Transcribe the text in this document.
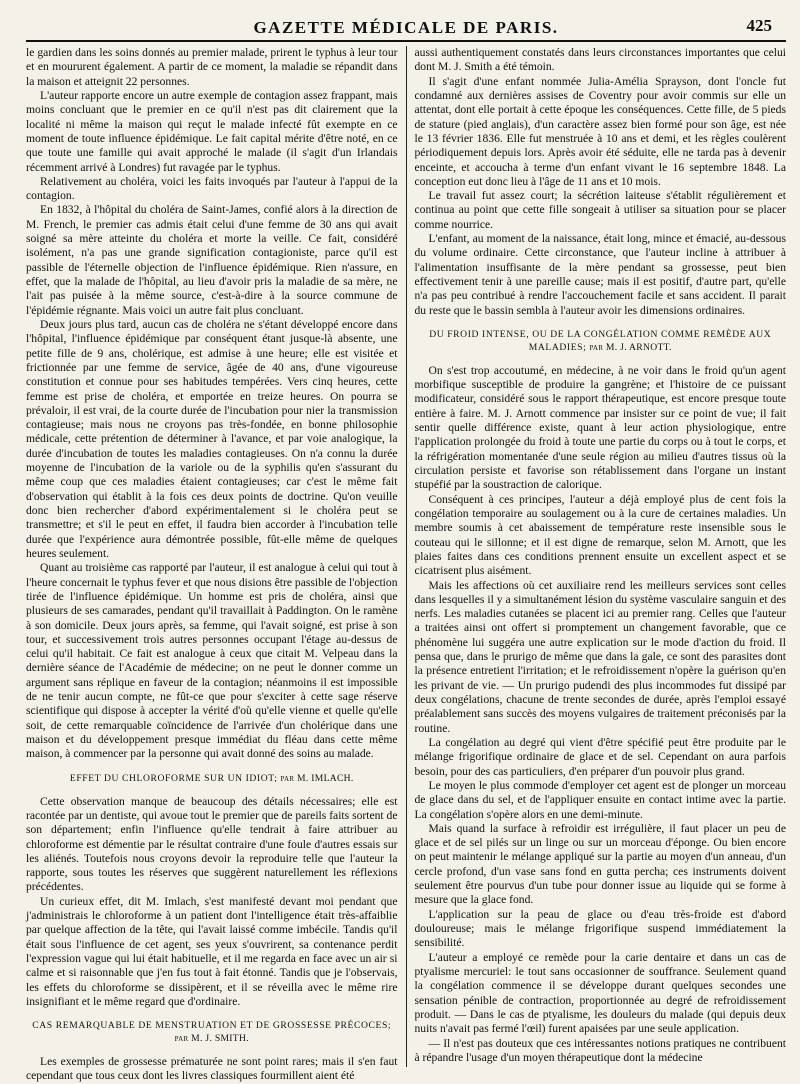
GAZETTE MÉDICALE DE PARIS.	425

le gardien dans les soins donnés au premier malade, prirent le typhus à leur tour et en moururent également. A partir de ce moment, la maladie se répandit dans la maison et atteignit 22 personnes.

L'auteur rapporte encore un autre exemple de contagion assez frappant, mais moins concluant que le premier en ce qu'il n'est pas dit clairement que la localité ni même la maison qui reçut le malade infecté fût exempte en ce moment de toute influence épidémique. Le fait capital mérite d'être noté, en ce que toute une famille qui avait approché le malade (il s'agit d'un Irlandais récemment arrivé à Londres) fut ravagée par le typhus.

Relativement au choléra, voici les faits invoqués par l'auteur à l'appui de la contagion.

En 1832, à l'hôpital du choléra de Saint-James, confié alors à la direction de M. French, le premier cas admis était celui d'une femme de 30 ans qui avait soigné sa mère atteinte du choléra et morte la veille. Ce fait, considéré isolément, n'a pas une grande signification contagioniste, parce qu'il est passible de l'éternelle objection de l'influence épidémique. Rien n'assure, en effet, que la malade de l'hôpital, au lieu d'avoir pris la maladie de sa mère, ne l'ait pas puisée à la même source, c'est-à-dire à la source commune de l'épidémie régnante. Mais voici un autre fait plus concluant.

Deux jours plus tard, aucun cas de choléra ne s'étant développé encore dans l'hôpital, l'influence épidémique par conséquent étant jusque-là absente, une petite fille de 9 ans, cholérique, est admise à une heure; elle est visitée et frictionnée par une femme de service, âgée de 40 ans, d'une vigoureuse constitution et connue pour ses habitudes tempérées. Vers cinq heures, cette femme est prise de choléra, et emportée en treize heures. On pourra se prévaloir, il est vrai, de la courte durée de l'incubation pour nier la transmission contagieuse; mais nous ne croyons pas très-fondée, en bonne philosophie médicale, cette prétention de déterminer à l'avance, et par voie analogique, la durée d'incubation de toutes les maladies contagieuses. On n'a connu la durée moyenne de l'incubation de la variole ou de la syphilis qu'en s'assurant du même coup que ces maladies étaient contagieuses; car c'est le même fait d'observation qui établit à la fois ces deux points de doctrine. Qu'on veuille donc bien rechercher d'abord expérimentalement si le choléra peut se transmettre; et s'il le peut en effet, il faudra bien accorder à l'incubation telle durée que l'expérience aura démontrée possible, fût-elle même de quelques heures seulement.

Quant au troisième cas rapporté par l'auteur, il est analogue à celui qui tout à l'heure concernait le typhus fever et que nous disions être passible de l'objection tirée de l'influence épidémique. Un homme est pris de choléra, ainsi que plusieurs de ses camarades, pendant qu'il travaillait à Paddington. On le ramène à son domicile. Deux jours après, sa femme, qui l'avait soigné, est prise à son tour, et successivement trois autres personnes occupant l'étage au-dessus de celui qu'il habitait. Ce fait est analogue à ceux que citait M. Velpeau dans la dernière séance de l'Académie de médecine; on ne peut le donner comme un argument sans réplique en faveur de la contagion; néanmoins il est impossible de ne tenir aucun compte, ne fût-ce que pour s'exciter à cette sage réserve scientifique qui dispose à accepter la vérité d'où qu'elle vienne et quelle qu'elle soit, de cette remarquable coïncidence de l'arrivée d'un cholérique dans une maison et du développement presque immédiat du fléau dans cette même maison, à commencer par la personne qui avait donné des soins au malade.

EFFET DU CHLOROFORME SUR UN IDIOT; par M. IMLACH.

Cette observation manque de beaucoup des détails nécessaires; elle est racontée par un dentiste, qui avoue tout le premier que de pareils faits sortent de son département; enfin l'influence qu'elle tendrait à faire attribuer au chloroforme est démentie par le résultat contraire d'une foule d'autres essais sur les aliénés. Toutefois nous croyons devoir la reproduire telle que l'auteur la rapporte, sous toutes les réserves que suggèrent naturellement les réflexions précédentes.

Un curieux effet, dit M. Imlach, s'est manifesté devant moi pendant que j'administrais le chloroforme à un patient dont l'intelligence était très-affaiblie par quelque affection de la tête, qui l'avait laissé comme imbécile. Tandis qu'il était sous l'influence de cet agent, ses yeux s'ouvrirent, sa contenance perdit l'expression vague qui lui était habituelle, et il me regarda en face avec un air si calme et si raisonnable que j'en fus tout à fait étonné. Tandis que je l'observais, les effets du chloroforme se dissipèrent, et il se réveilla avec le même rire insignifiant et le même regard que d'ordinaire.

CAS REMARQUABLE DE MENSTRUATION ET DE GROSSESSE PRÉCOCES;
par M. J. SMITH.

Les exemples de grossesse prématurée ne sont point rares; mais il s'en faut cependant que tous ceux dont les livres classiques fourmillent aient été

aussi authentiquement constatés dans leurs circonstances importantes que celui dont M. J. Smith a été témoin.

Il s'agit d'une enfant nommée Julia-Amélia Sprayson, dont l'oncle fut condamné aux dernières assises de Coventry pour avoir commis sur elle un attentat, dont elle portait à cette époque les conséquences. Cette fille, de 5 pieds de stature (pied anglais), d'un caractère assez bien formé pour son âge, est née le 13 février 1836. Elle fut menstruée à 10 ans et demi, et les règles coulèrent périodiquement depuis lors. Après avoir été séduite, elle ne tarda pas à devenir enceinte, et accoucha à terme d'un enfant vivant le 16 septembre 1848. La conception eut donc lieu à l'âge de 11 ans et 10 mois.

Le travail fut assez court; la sécrétion laiteuse s'établit régulièrement et continua au point que cette fille songeait à utiliser sa situation pour se placer comme nourrice.

L'enfant, au moment de la naissance, était long, mince et émacié, au-dessous du volume ordinaire. Cette circonstance, que l'auteur incline à attribuer à l'alimentation insuffisante de la mère pendant sa grossesse, peut bien effectivement tenir à une pareille cause; mais il est positif, d'autre part, qu'elle n'a pas peu contribué à rendre l'accouchement facile et sans accident. Il parait du reste que le bassin sembla à l'auteur avoir les dimensions ordinaires.

DU FROID INTENSE, OU DE LA CONGÉLATION COMME REMÈDE AUX MALADIES; par M. J. ARNOTT.

On s'est trop accoutumé, en médecine, à ne voir dans le froid qu'un agent morbifique susceptible de produire la gangrène; et l'histoire de ce puissant modificateur, considéré sous le rapport thérapeutique, est encore presque toute entière à faire. M. J. Arnott commence par insister sur ce point de vue; il fait sentir quelle différence existe, quant à leur action physiologique, entre l'application prolongée du froid à toute une partie du corps ou à tout le corps, et la réfrigération momentanée d'une seule région au milieu d'autres tissus où la circulation persiste et favorise son rétablissement dans l'organe un instant stupéfié par la soustraction de calorique.

Conséquent à ces principes, l'auteur a déjà employé plus de cent fois la congélation temporaire au soulagement ou à la cure de certaines maladies. Un membre soumis à cet abaissement de température reste insensible sous le couteau qui le sillonne; et il est digne de remarque, selon M. Arnott, que les plaies faites dans ces conditions prennent ensuite un excellent aspect et se cicatrisent plus aisément.

Mais les affections où cet auxiliaire rend les meilleurs services sont celles dans lesquelles il y a simultanément lésion du système vasculaire sanguin et des nerfs. Les maladies cutanées se placent ici au premier rang. Celles que l'auteur a traitées ainsi ont offert si promptement un changement favorable, que ce phénomène lui suggéra une autre explication sur le mode d'action du froid. Il pensa que, dans le prurigo de même que dans la gale, ce sont des parasites dont la présence entretient l'irritation; et le refroidissement n'opère la guérison qu'en les privant de vie. — Un prurigo pudendi des plus incommodes fut dissipé par deux congélations, chacune de trente secondes de durée, après l'emploi essayé préalablement sans succès des moyens vulgaires de traitement préconisés par la routine.

La congélation au degré qui vient d'être spécifié peut être produite par le mélange frigorifique ordinaire de glace et de sel. Cependant on aura parfois besoin, pour des cas particuliers, d'en préparer d'un pouvoir plus grand.

Le moyen le plus commode d'employer cet agent est de plonger un morceau de glace dans du sel, et de l'appliquer ensuite en contact intime avec la partie. La congélation s'opère alors en une demi-minute.

Mais quand la surface à refroidir est irrégulière, il faut placer un peu de glace et de sel pilés sur un linge ou sur un morceau d'éponge. Ou bien encore on peut maintenir le mélange appliqué sur la partie au moyen d'un anneau, d'un cercle profond, d'un vase sans fond en gutta percha; ces instruments doivent seulement être pourvus d'un tube pour donner issue au liquide qui se forme à mesure que la glace fond.

L'application sur la peau de glace ou d'eau très-froide est d'abord douloureuse; mais le mélange frigorifique suspend immédiatement la sensibilité.

L'auteur a employé ce remède pour la carie dentaire et dans un cas de ptyalisme mercuriel: le tout sans occasionner de souffrance. Seulement quand la congélation commence il se développe durant quelques secondes une sensation pénible de contraction, proportionnée au degré de refroidissement produit. — Dans le cas de ptyalisme, les douleurs du malade (qui depuis deux nuits n'avait pas fermé l'œil) furent apaisées par une seule application.

— Il n'est pas douteux que ces intéressantes notions pratiques ne contribuent à répandre l'usage d'un moyen thérapeutique dont la médecine
